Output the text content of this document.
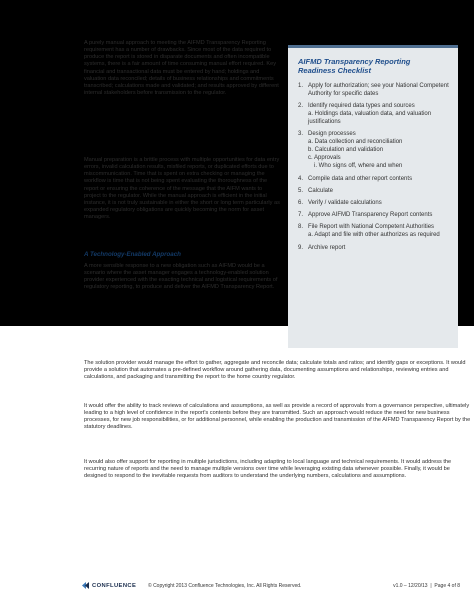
A purely manual approach to meeting the AIFMD Transparency Reporting requirement has a number of drawbacks. Since most of the data required to produce the report is stored in disparate documents and often incompatible systems, there is a fair amount of time consuming manual effort required. Key financial and transactional data must be entered by hand; holdings and valuation data reconciled; details of business relationships and commitments transcribed; calculations made and validated; and results approved by different internal stakeholders before transmission to the regulator.

Manual preparation is a brittle process with multiple opportunities for data entry errors, invalid calculation results, misfiled reports, or duplicated efforts due to miscommunication. Time that is spent on extra checking or managing the workflow is time that is not being spent evaluating the thoroughness of the report or ensuring the coherence of the message that the AIFM wants to project to the regulator. While the manual approach is efficient in the initial instance, it is not truly sustainable in either the short or long term particularly as expanded regulatory obligations are quickly becoming the norm for asset managers.

A Technology-Enabled Approach

A more sensible response to a new obligation such as AIFMD would be a scenario where the asset manager engages a technology-enabled solution provider experienced with the exacting technical and logistical requirements of regulatory reporting, to produce and deliver the AIFMD Transparency Report.

The solution provider would manage the effort to gather, aggregate and reconcile data; calculate totals and ratios; and identify gaps or exceptions. It would provide a solution that automates a pre-defined workflow around gathering data, documenting assumptions and relationships, reviewing entries and calculations, and packaging and transmitting the report to the home country regulator.

It would offer the ability to track reviews of calculations and assumptions, as well as provide a record of approvals from a governance perspective, ultimately leading to a high level of confidence in the report's contents before they are transmitted. Such an approach would reduce the need for new business processes, for new job responsibilities, or for additional personnel, while enabling the production and transmission of the AIFMD Transparency Report by the statutory deadlines.

It would also offer support for reporting in multiple jurisdictions, including adapting to local language and technical requirements. It would address the recurring nature of reports and the need to manage multiple versions over time while leveraging existing data whenever possible. Finally, it would be designed to respond to the inevitable requests from auditors to understand the underlying numbers, calculations and assumptions.

AIFMD Transparency Reporting Readiness Checklist

1. Apply for authorization; see your National Competent Authority for specific dates
2. Identify required data types and sources
a. Holdings data, valuation data, and valuation justifications
3. Design processes
a. Data collection and reconciliation
b. Calculation and validation
c. Approvals
i. Who signs off, where and when
4. Compile data and other report contents
5. Calculate
6. Verify / validate calculations
7. Approve AIFMD Transparency Report contents
8. File Report with National Competent Authorities
a. Adapt and file with other authorizes as required
9. Archive report
CONFLUENCE © Copyright 2013 Confluence Technologies, Inc. All Rights Reserved.	v1.0 – 12/20/13  |  Page 4 of 8
